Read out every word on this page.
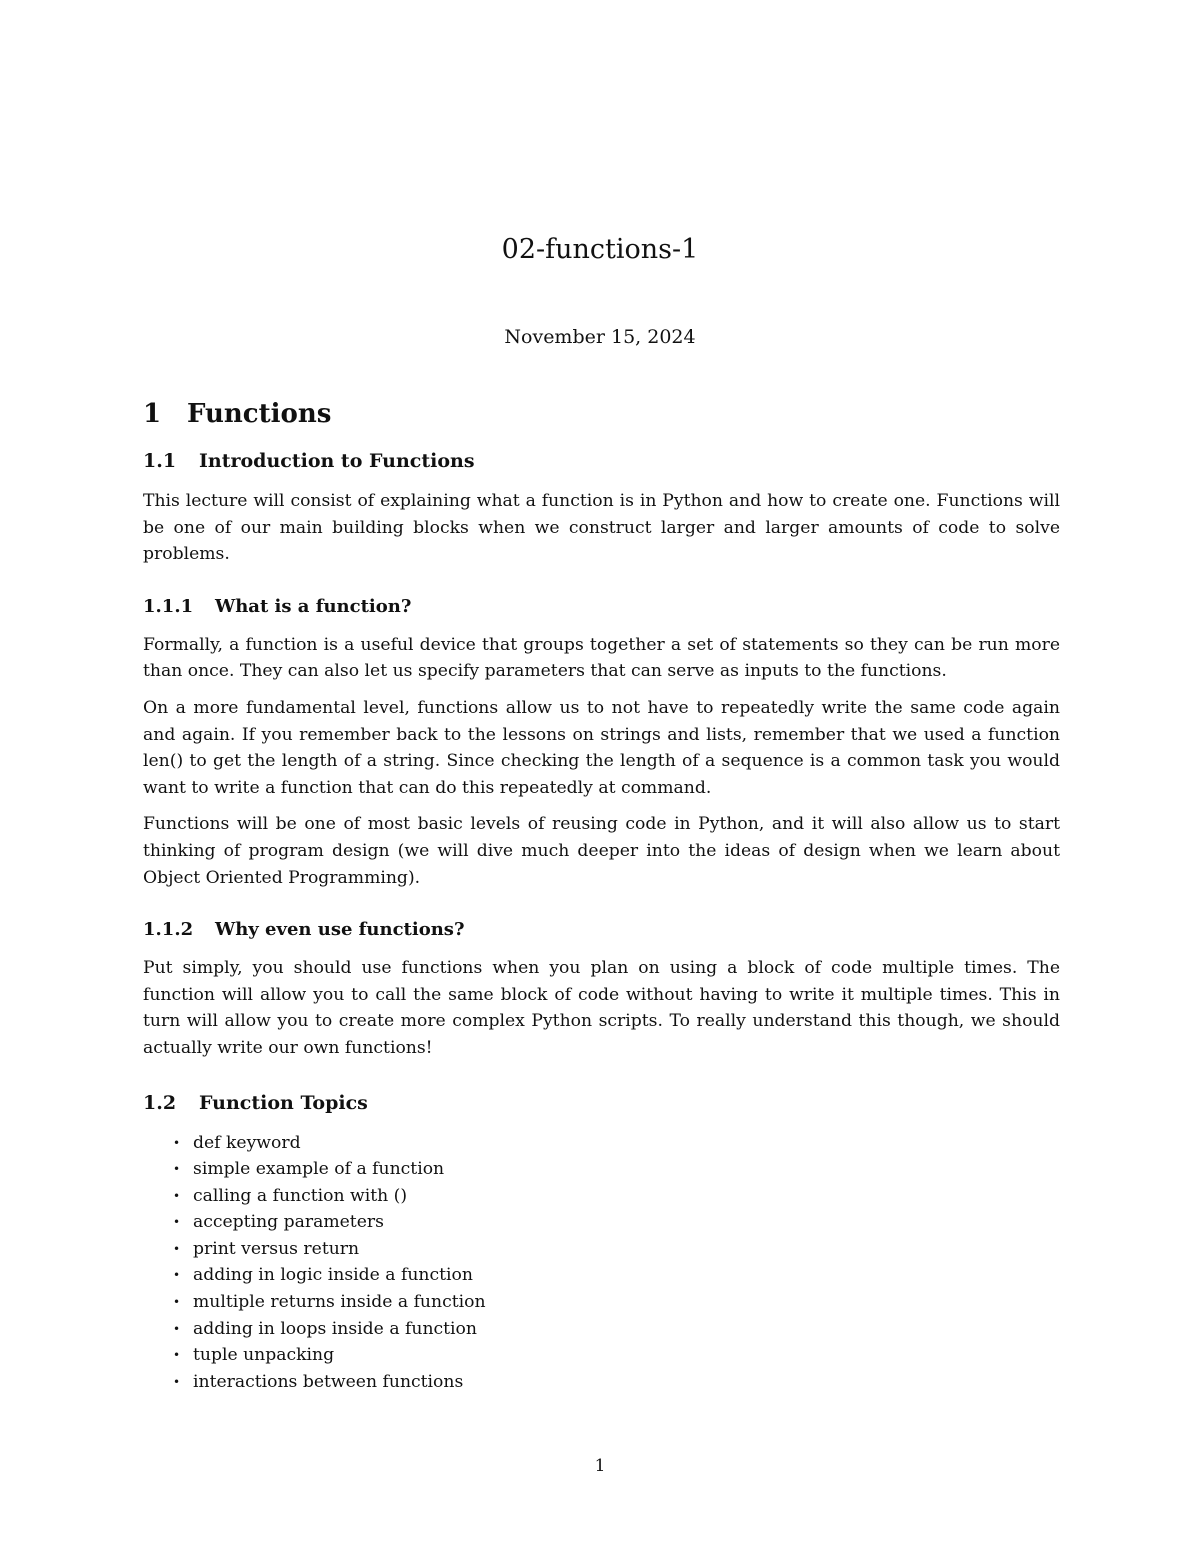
02-functions-1
November 15, 2024
1 Functions
1.1	Introduction to Functions

This lecture will consist of explaining what a function is in Python and how to create one. Functions will be one of our main building blocks when we construct larger and larger amounts of code to solve problems.

1.1.1	What is a function?

Formally, a function is a useful device that groups together a set of statements so they can be run more than once. They can also let us specify parameters that can serve as inputs to the functions.

On a more fundamental level, functions allow us to not have to repeatedly write the same code again and again. If you remember back to the lessons on strings and lists, remember that we used a function len() to get the length of a string. Since checking the length of a sequence is a common task you would want to write a function that can do this repeatedly at command.

Functions will be one of most basic levels of reusing code in Python, and it will also allow us to start thinking of program design (we will dive much deeper into the ideas of design when we learn about Object Oriented Programming).

1.1.2	Why even use functions?

Put simply, you should use functions when you plan on using a block of code multiple times. The function will allow you to call the same block of code without having to write it multiple times. This in turn will allow you to create more complex Python scripts. To really understand this though, we should actually write our own functions!

1.2	Function Topics
• def keyword
• simple example of a function
• calling a function with ()
• accepting parameters
• print versus return
• adding in logic inside a function
• multiple returns inside a function
• adding in loops inside a function
• tuple unpacking
• interactions between functions
1
